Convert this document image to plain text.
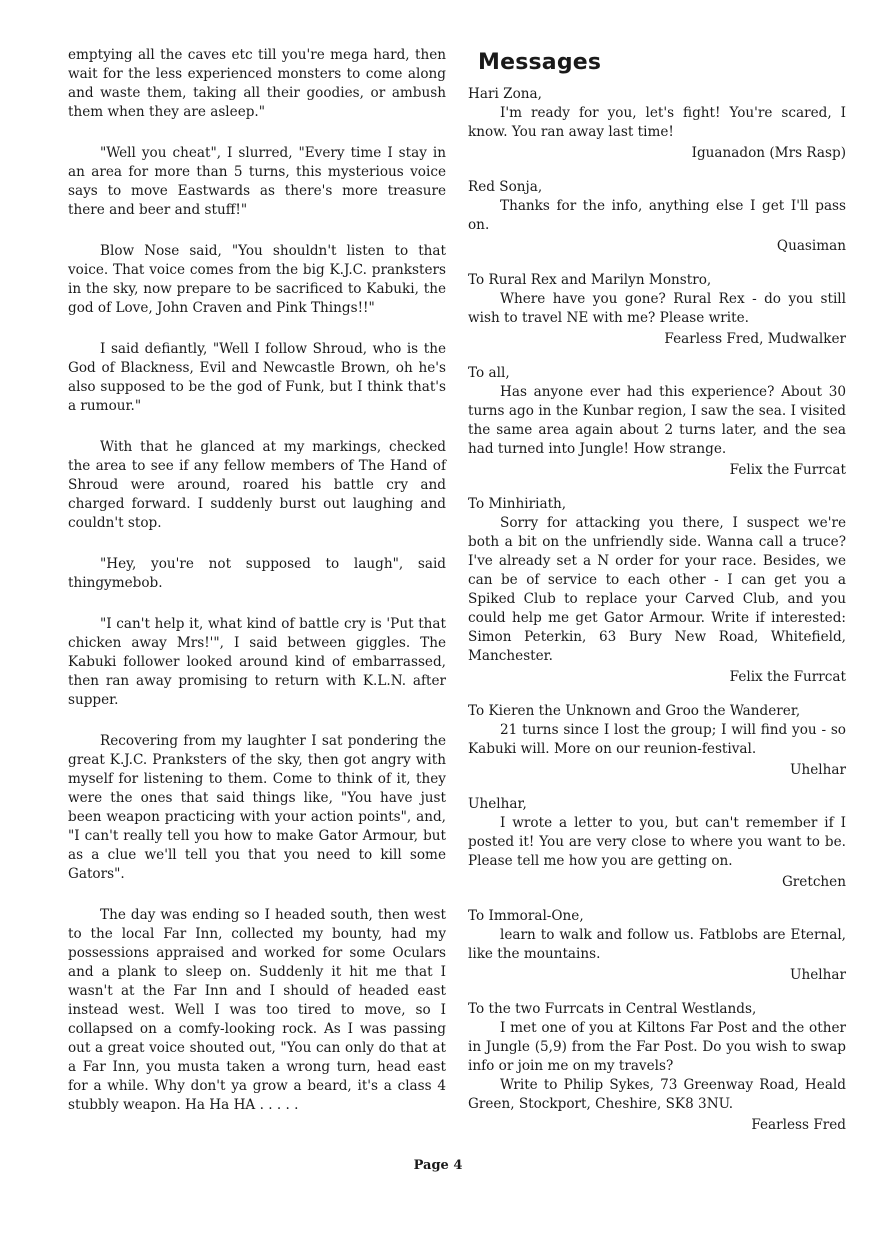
emptying all the caves etc till you're mega hard, then wait for the less experienced monsters to come along and waste them, taking all their goodies, or ambush them when they are asleep."

"Well you cheat", I slurred, "Every time I stay in an area for more than 5 turns, this mysterious voice says to move Eastwards as there's more treasure there and beer and stuff!"

Blow Nose said, "You shouldn't listen to that voice. That voice comes from the big K.J.C. pranksters in the sky, now prepare to be sacrificed to Kabuki, the god of Love, John Craven and Pink Things!!"

I said defiantly, "Well I follow Shroud, who is the God of Blackness, Evil and Newcastle Brown, oh he's also supposed to be the god of Funk, but I think that's a rumour."

With that he glanced at my markings, checked the area to see if any fellow members of The Hand of Shroud were around, roared his battle cry and charged forward. I suddenly burst out laughing and couldn't stop.

"Hey, you're not supposed to laugh", said thingymebob.

"I can't help it, what kind of battle cry is 'Put that chicken away Mrs!'", I said between giggles. The Kabuki follower looked around kind of embarrassed, then ran away promising to return with K.L.N. after supper.

Recovering from my laughter I sat pondering the great K.J.C. Pranksters of the sky, then got angry with myself for listening to them. Come to think of it, they were the ones that said things like, "You have just been weapon practicing with your action points", and, "I can't really tell you how to make Gator Armour, but as a clue we'll tell you that you need to kill some Gators".

The day was ending so I headed south, then west to the local Far Inn, collected my bounty, had my possessions appraised and worked for some Oculars and a plank to sleep on. Suddenly it hit me that I wasn't at the Far Inn and I should of headed east instead west. Well I was too tired to move, so I collapsed on a comfy-looking rock. As I was passing out a great voice shouted out, "You can only do that at a Far Inn, you musta taken a wrong turn, head east for a while. Why don't ya grow a beard, it's a class 4 stubbly weapon. Ha Ha HA . . . . .

Messages

Hari Zona,

I'm ready for you, let's fight! You're scared, I know. You ran away last time!

Iguanadon (Mrs Rasp)

Red Sonja,

Thanks for the info, anything else I get I'll pass on.

Quasiman

To Rural Rex and Marilyn Monstro,

Where have you gone? Rural Rex - do you still wish to travel NE with me? Please write.

Fearless Fred, Mudwalker

To all,

Has anyone ever had this experience? About 30 turns ago in the Kunbar region, I saw the sea. I visited the same area again about 2 turns later, and the sea had turned into Jungle! How strange.

Felix the Furrcat

To Minhiriath,

Sorry for attacking you there, I suspect we're both a bit on the unfriendly side. Wanna call a truce? I've already set a N order for your race. Besides, we can be of service to each other - I can get you a Spiked Club to replace your Carved Club, and you could help me get Gator Armour. Write if interested: Simon Peterkin, 63 Bury New Road, Whitefield, Manchester.

Felix the Furrcat

To Kieren the Unknown and Groo the Wanderer,

21 turns since I lost the group; I will find you - so Kabuki will. More on our reunion-festival.

Uhelhar

Uhelhar,

I wrote a letter to you, but can't remember if I posted it! You are very close to where you want to be. Please tell me how you are getting on.

Gretchen

To Immoral-One,

learn to walk and follow us. Fatblobs are Eternal, like the mountains.

Uhelhar

To the two Furrcats in Central Westlands,

I met one of you at Kiltons Far Post and the other in Jungle (5,9) from the Far Post. Do you wish to swap info or join me on my travels?

Write to Philip Sykes, 73 Greenway Road, Heald Green, Stockport, Cheshire, SK8 3NU.

Fearless Fred

Page 4
